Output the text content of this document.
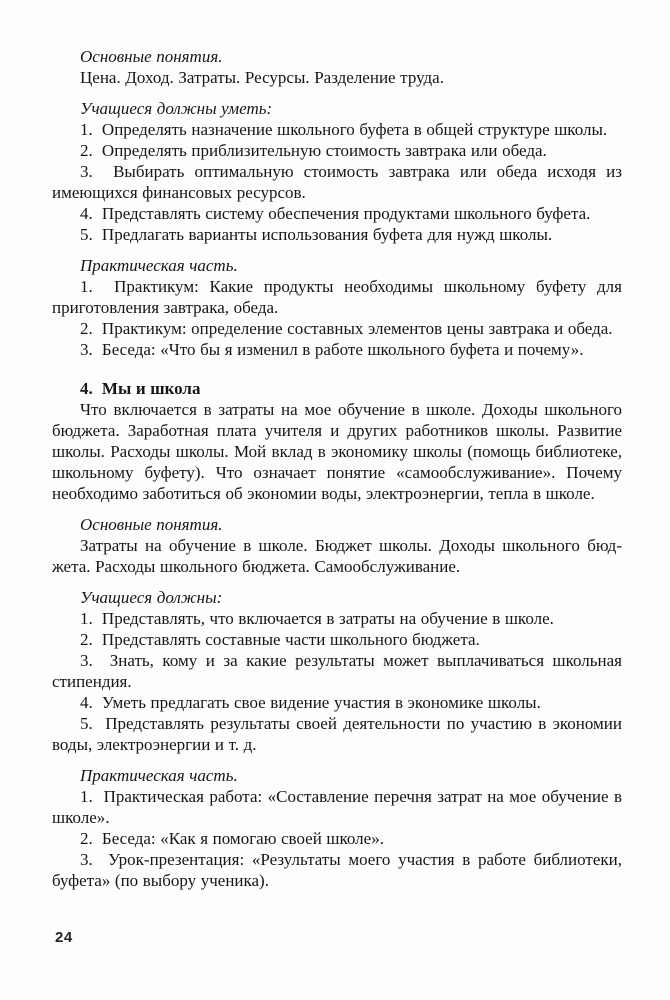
Основные понятия.

Цена. Доход. Затраты. Ресурсы. Разделение труда.

Учащиеся должны уметь:

1.  Определять назначение школьного буфета в общей структуре школы.

2.  Определять приблизительную стоимость завтрака или обеда.

3.  Выбирать оптимальную стоимость завтрака или обеда исходя из имеющихся финансовых ресурсов.

4.  Представлять систему обеспечения продуктами школьного буфета.

5.  Предлагать варианты использования буфета для нужд школы.

Практическая часть.

1.  Практикум: Какие продукты необходимы школьному буфету для приготовления завтрака, обеда.

2.  Практикум: определение составных элементов цены завтрака и обеда.

3.  Беседа: «Что бы я изменил в работе школьного буфета и почему».

4.  Мы и школа

Что включается в затраты на мое обучение в школе. Доходы школьного бюджета. Заработная плата учителя и других работников школы. Развитие школы. Расходы школы. Мой вклад в экономику школы (помощь библиотеке, школьному буфету). Что означает понятие «самообслуживание». Почему необходимо заботиться об экономии воды, электроэнергии, тепла в школе.

Основные понятия.

Затраты на обучение в школе. Бюджет школы. Доходы школьного бюджета. Расходы школьного бюджета. Самообслуживание.

Учащиеся должны:

1.  Представлять, что включается в затраты на обучение в школе.

2.  Представлять составные части школьного бюджета.

3.  Знать, кому и за какие результаты может выплачиваться школьная стипендия.

4.  Уметь предлагать свое видение участия в экономике школы.

5.  Представлять результаты своей деятельности по участию в экономии воды, электроэнергии и т. д.

Практическая часть.

1.  Практическая работа: «Составление перечня затрат на мое обучение в школе».

2.  Беседа: «Как я помогаю своей школе».

3.  Урок-презентация: «Результаты моего участия в работе библиотеки, буфета» (по выбору ученика).

24
